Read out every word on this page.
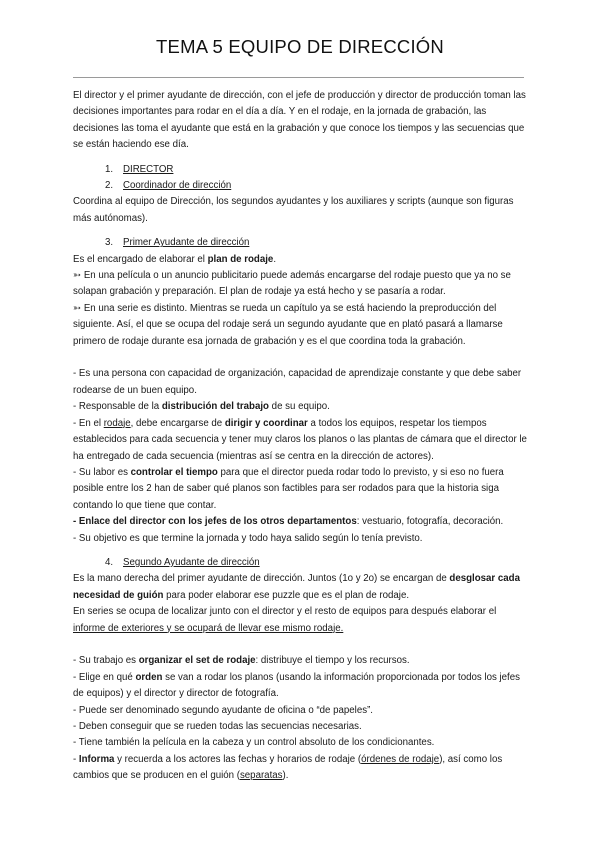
TEMA 5 EQUIPO DE DIRECCIÓN

El director y el primer ayudante de dirección, con el jefe de producción y director de producción toman las decisiones importantes para rodar en el día a día. Y en el rodaje, en la jornada de grabación, las decisiones las toma el ayudante que está en la grabación y que conoce los tiempos y las secuencias que se están haciendo ese día.

1. DIRECTOR

2. Coordinador de dirección

Coordina al equipo de Dirección, los segundos ayudantes y los auxiliares y scripts (aunque son figuras más autónomas).

3. Primer Ayudante de dirección

Es el encargado de elaborar el plan de rodaje.

➳ En una película o un anuncio publicitario puede además encargarse del rodaje puesto que ya no se solapan grabación y preparación. El plan de rodaje ya está hecho y se pasaría a rodar.

➳ En una serie es distinto. Mientras se rueda un capítulo ya se está haciendo la preproducción del siguiente. Así, el que se ocupa del rodaje será un segundo ayudante que en plató pasará a llamarse primero de rodaje durante esa jornada de grabación y es el que coordina toda la grabación.

- Es una persona con capacidad de organización, capacidad de aprendizaje constante y que debe saber rodearse de un buen equipo.

- Responsable de la distribución del trabajo de su equipo.

- En el rodaje, debe encargarse de dirigir y coordinar a todos los equipos, respetar los tiempos establecidos para cada secuencia y tener muy claros los planos o las plantas de cámara que el director le ha entregado de cada secuencia (mientras así se centra en la dirección de actores).

- Su labor es controlar el tiempo para que el director pueda rodar todo lo previsto, y si eso no fuera posible entre los 2 han de saber qué planos son factibles para ser rodados para que la historia siga contando lo que tiene que contar.

- Enlace del director con los jefes de los otros departamentos: vestuario, fotografía, decoración.

- Su objetivo es que termine la jornada y todo haya salido según lo tenía previsto.

4. Segundo Ayudante de dirección

Es la mano derecha del primer ayudante de dirección. Juntos (1o y 2o) se encargan de desglosar cada necesidad de guión para poder elaborar ese puzzle que es el plan de rodaje.

En series se ocupa de localizar junto con el director y el resto de equipos para después elaborar el informe de exteriores y se ocupará de llevar ese mismo rodaje.

- Su trabajo es organizar el set de rodaje: distribuye el tiempo y los recursos.

- Elige en qué orden se van a rodar los planos (usando la información proporcionada por todos los jefes de equipos) y el director y director de fotografía.

- Puede ser denominado segundo ayudante de oficina o “de papeles”.

- Deben conseguir que se rueden todas las secuencias necesarias.

- Tiene también la película en la cabeza y un control absoluto de los condicionantes.

- Informa y recuerda a los actores las fechas y horarios de rodaje (órdenes de rodaje), así como los cambios que se producen en el guión (separatas).
